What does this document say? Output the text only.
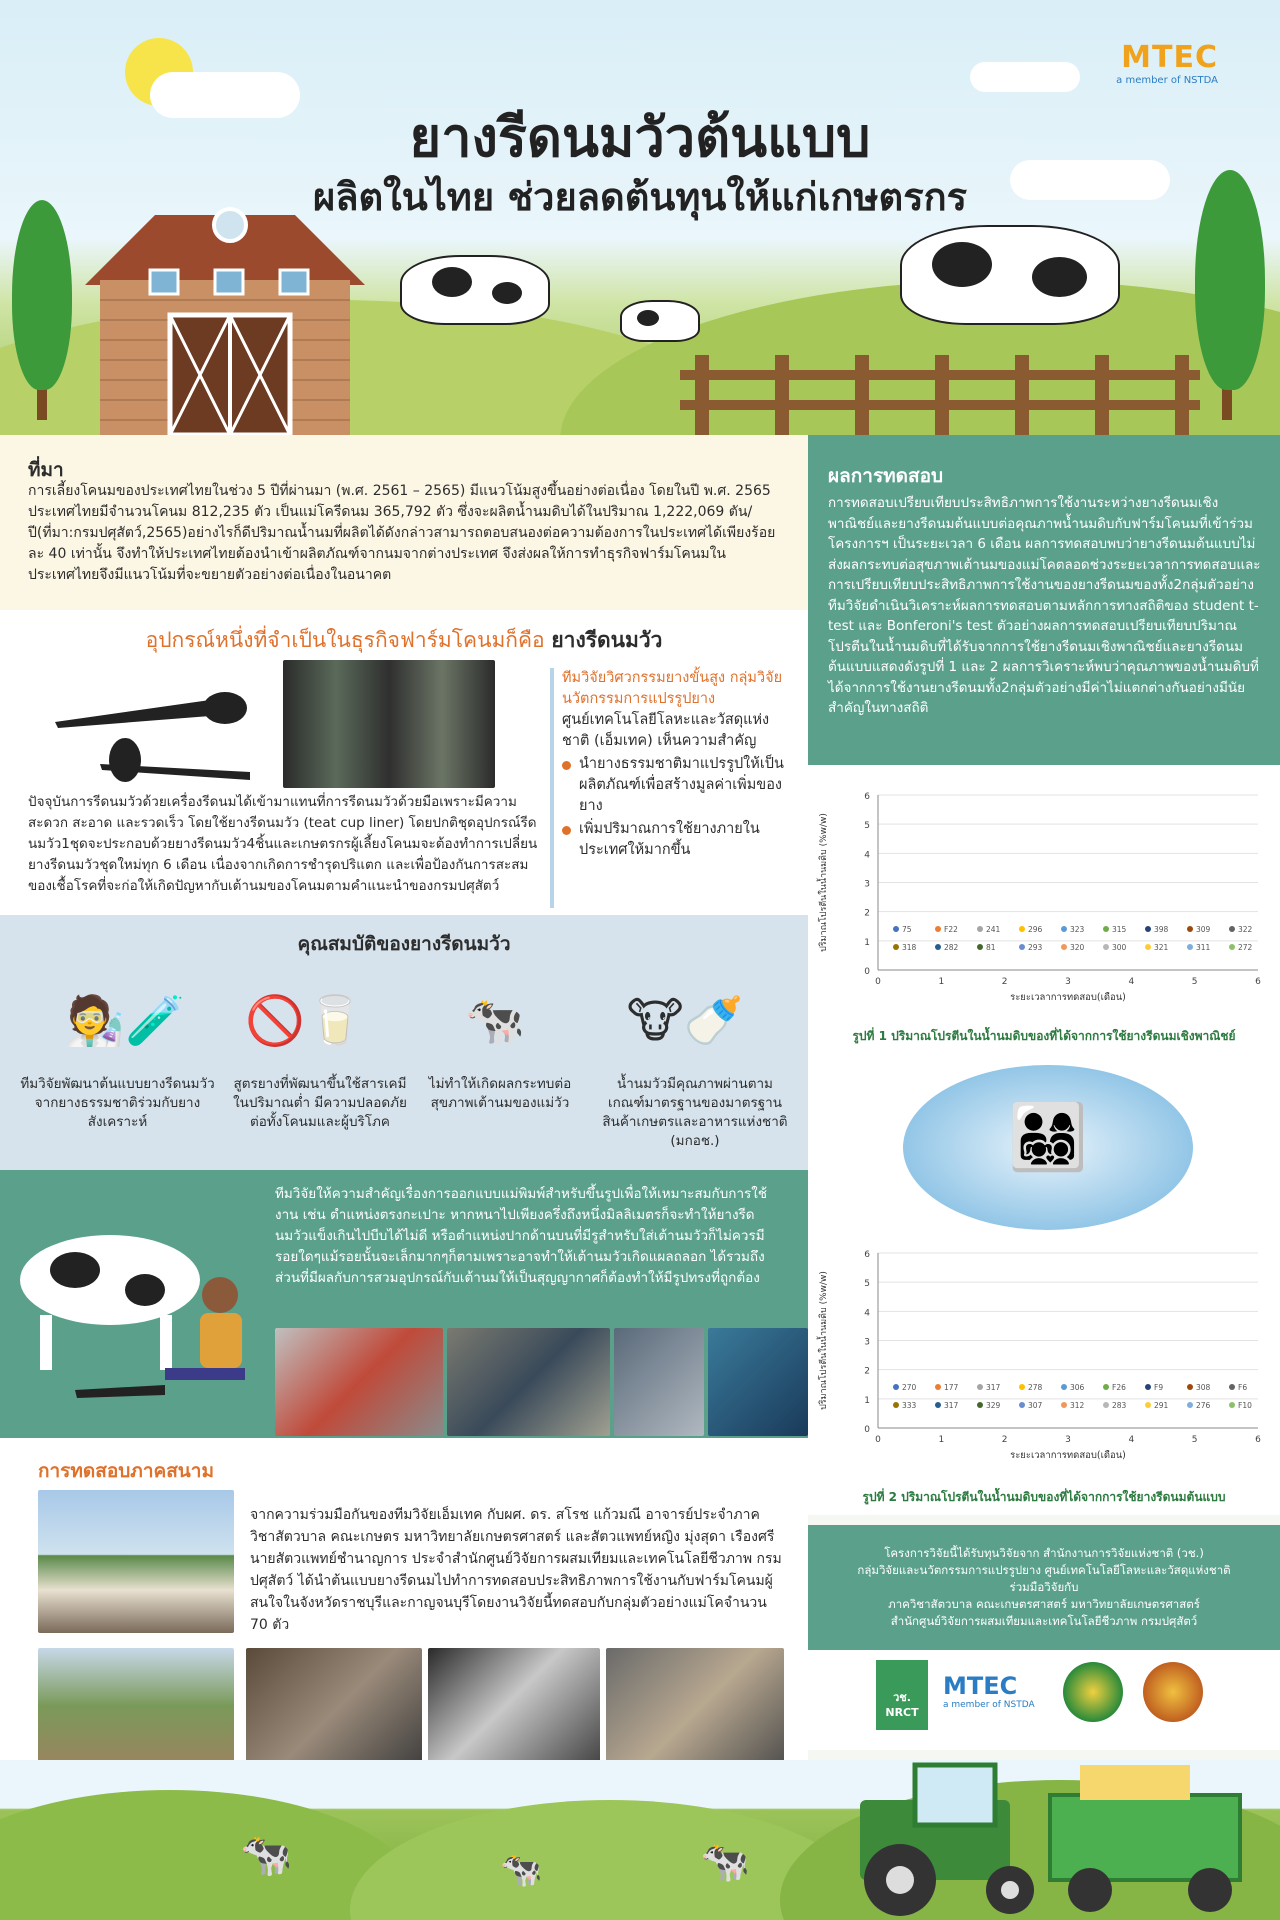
ยางรีดนมวัวต้นแบบ
ผลิตในไทย ช่วยลดต้นทุนให้แก่เกษตรกร
MTEC
a member of NSTDA
ที่มา
การเลี้ยงโคนมของประเทศไทยในช่วง 5 ปีที่ผ่านมา (พ.ศ. 2561 – 2565) มีแนวโน้มสูงขึ้นอย่างต่อเนื่อง โดยในปี พ.ศ. 2565 ประเทศไทยมีจำนวนโคนม 812,235 ตัว เป็นแม่โครีดนม 365,792 ตัว ซึ่งจะผลิตน้ำนมดิบได้ในปริมาณ 1,222,069 ตัน/ปี(ที่มา:กรมปศุสัตว์,2565)อย่างไรก็ดีปริมาณน้ำนมที่ผลิตได้ดังกล่าวสามารถตอบสนองต่อความต้องการในประเทศได้เพียงร้อยละ 40 เท่านั้น จึงทำให้ประเทศไทยต้องนำเข้าผลิตภัณฑ์จากนมจากต่างประเทศ จึงส่งผลให้การทำธุรกิจฟาร์มโคนมในประเทศไทยจึงมีแนวโน้มที่จะขยายตัวอย่างต่อเนื่องในอนาคต
อุปกรณ์หนึ่งที่จำเป็นในธุรกิจฟาร์มโคนมก็คือ ยางรีดนมวัว
ปัจจุบันการรีดนมวัวด้วยเครื่องรีดนมได้เข้ามาแทนที่การรีดนมวัวด้วยมือเพราะมีความสะดวก สะอาด และรวดเร็ว โดยใช้ยางรีดนมวัว (teat cup liner) โดยปกติชุดอุปกรณ์รีดนมวัว1ชุดจะประกอบด้วยยางรีดนมวัว4ชิ้นและเกษตรกรผู้เลี้ยงโคนมจะต้องทำการเปลี่ยนยางรีดนมวัวชุดใหม่ทุก 6 เดือน เนื่องจากเกิดการชำรุดปริแตก และเพื่อป้องกันการสะสมของเชื้อโรคที่จะก่อให้เกิดปัญหากับเต้านมของโคนมตามคำแนะนำของกรมปศุสัตว์
ทีมวิจัยวิศวกรรมยางขั้นสูง กลุ่มวิจัยนวัตกรรมการแปรรูปยาง
ศูนย์เทคโนโลยีโลหะและวัสดุแห่งชาติ (เอ็มเทค) เห็นความสำคัญ
นำยางธรรมชาติมาแปรรูปให้เป็นผลิตภัณฑ์เพื่อสร้างมูลค่าเพิ่มของยาง
เพิ่มปริมาณการใช้ยางภายในประเทศให้มากขึ้น
คุณสมบัติของยางรีดนมวัว
🧑‍🔬🧪	🚫🥛	🐄	🐮🍼
ทีมวิจัยพัฒนาต้นแบบยางรีดนมวัวจากยางธรรมชาติร่วมกับยางสังเคราะห์
สูตรยางที่พัฒนาขึ้นใช้สารเคมีในปริมาณต่ำ มีความปลอดภัยต่อทั้งโคนมและผู้บริโภค
ไม่ทำให้เกิดผลกระทบต่อสุขภาพเต้านมของแม่วัว
น้ำนมวัวมีคุณภาพผ่านตามเกณฑ์มาตรฐานของมาตรฐานสินค้าเกษตรและอาหารแห่งชาติ (มกอช.)
ทีมวิจัยให้ความสำคัญเรื่องการออกแบบแม่พิมพ์สำหรับขึ้นรูปเพื่อให้เหมาะสมกับการใช้งาน เช่น ตำแหน่งตรงกะเปาะ หากหนาไปเพียงครึ่งถึงหนึ่งมิลลิเมตรก็จะทำให้ยางรีดนมวัวแข็งเกินไปบีบได้ไม่ดี หรือตำแหน่งปากด้านบนที่มีรูสำหรับใส่เต้านมวัวก็ไม่ควรมีรอยใดๆแม้รอยนั้นจะเล็กมากๆก็ตามเพราะอาจทำให้เต้านมวัวเกิดแผลถลอก ได้รวมถึงส่วนที่มีผลกับการสวมอุปกรณ์กับเต้านมให้เป็นสุญญากาศก็ต้องทำให้มีรูปทรงที่ถูกต้อง
การทดสอบภาคสนาม
จากความร่วมมือกันของทีมวิจัยเอ็มเทค กับผศ. ดร. สโรช แก้วมณี อาจารย์ประจำภาควิชาสัตวบาล คณะเกษตร มหาวิทยาลัยเกษตรศาสตร์ และสัตวแพทย์หญิง มุ่งสุดา เรืองศรีนายสัตวแพทย์ชำนาญการ ประจำสำนักศูนย์วิจัยการผสมเทียมและเทคโนโลยีชีวภาพ กรมปศุสัตว์ ได้นำต้นแบบยางรีดนมไปทำการทดสอบประสิทธิภาพการใช้งานกับฟาร์มโคนมผู้สนใจในจังหวัดราชบุรีและกาญจนบุรีโดยงานวิจัยนี้ทดสอบกับกลุ่มตัวอย่างแม่โคจำนวน 70 ตัว
ผลการทดสอบ
การทดสอบเปรียบเทียบประสิทธิภาพการใช้งานระหว่างยางรีดนมเชิงพาณิชย์และยางรีดนมต้นแบบต่อคุณภาพน้ำนมดิบกับฟาร์มโคนมที่เข้าร่วมโครงการฯ เป็นระยะเวลา 6 เดือน ผลการทดสอบพบว่ายางรีดนมต้นแบบไม่ส่งผลกระทบต่อสุขภาพเต้านมของแม่โคตลอดช่วงระยะเวลาการทดสอบและการเปรียบเทียบประสิทธิภาพการใช้งานของยางรีดนมของทั้ง2กลุ่มตัวอย่างทีมวิจัยดำเนินวิเคราะห์ผลการทดสอบตามหลักการทางสถิติของ student t-test และ Bonferoni's test ตัวอย่างผลการทดสอบเปรียบเทียบปริมาณโปรตีนในน้ำนมดิบที่ได้รับจากการใช้ยางรีดนมเชิงพาณิชย์และยางรีดนมต้นแบบแสดงดังรูปที่ 1 และ 2 ผลการวิเคราะห์พบว่าคุณภาพของน้ำนมดิบที่ได้จากการใช้งานยางรีดนมทั้ง2กลุ่มตัวอย่างมีค่าไม่แตกต่างกันอย่างมีนัยสำคัญในทางสถิติ
0
1
2
3
4
5
6
0	1	2	3	4	5	6
ปริมาณโปรตีนในน้ำนมดิบ (%w/w)
ระยะเวลาการทดสอบ(เดือน)
75	F22	241	296	323	315	398	309	322
318	282	81	293	320	300	321	311	272
รูปที่ 1 ปริมาณโปรตีนในน้ำนมดิบของที่ได้จากการใช้ยางรีดนมเชิงพาณิชย์
👨‍👩‍👧‍👦
0
1
2
3
4
5
6
0	1	2	3	4	5	6
ปริมาณโปรตีนในน้ำนมดิบ (%w/w)
ระยะเวลาการทดสอบ(เดือน)
270	177	317	278	306	F26	F9	308	F6
333	317	329	307	312	283	291	276	F10
รูปที่ 2 ปริมาณโปรตีนในน้ำนมดิบของที่ได้จากการใช้ยางรีดนมต้นแบบ
โครงการวิจัยนี้ได้รับทุนวิจัยจาก สำนักงานการวิจัยแห่งชาติ (วช.)
กลุ่มวิจัยและนวัตกรรมการแปรรูปยาง ศูนย์เทคโนโลยีโลหะและวัสดุแห่งชาติ
ร่วมมือวิจัยกับ
ภาควิชาสัตวบาล คณะเกษตรศาสตร์ มหาวิทยาลัยเกษตรศาสตร์
สำนักศูนย์วิจัยการผสมเทียมและเทคโนโลยีชีวภาพ กรมปศุสัตว์
วช. NRCT
MTEC
a member of NSTDA
🐄	🐄	🐄
